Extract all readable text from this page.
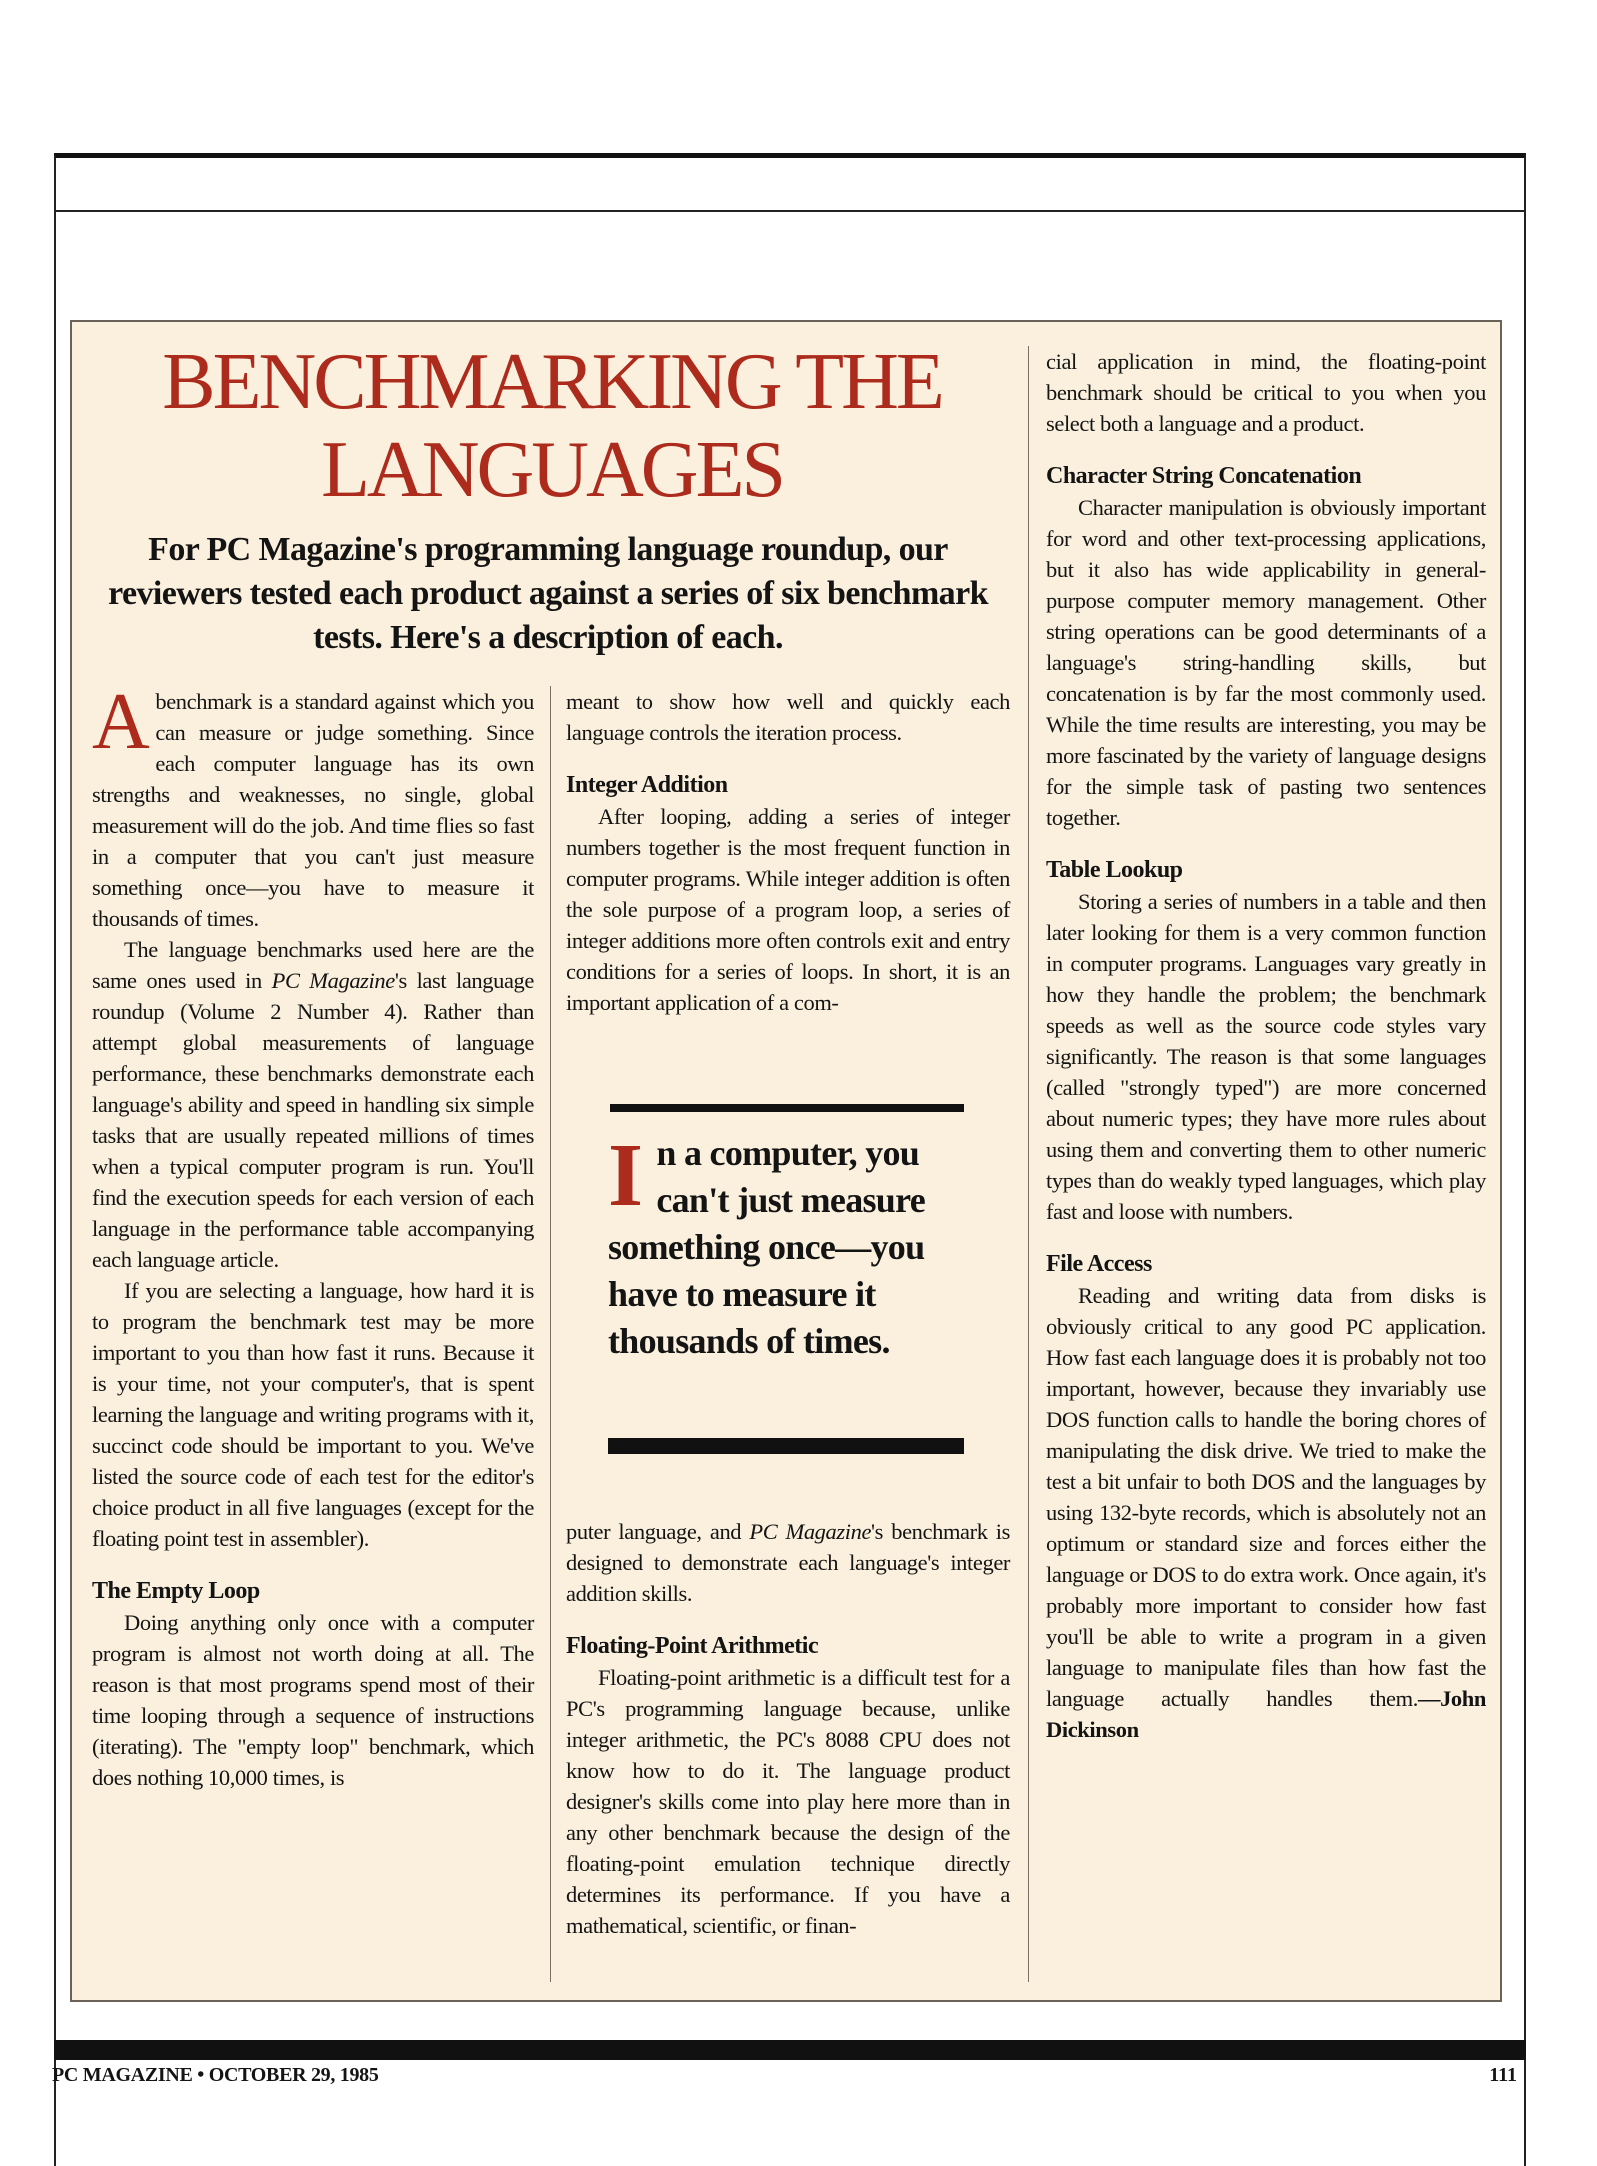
BENCHMARKING THE LANGUAGES
For PC Magazine's programming language roundup, our reviewers tested each product against a series of six benchmark tests. Here's a description of each.

A benchmark is a standard against which you can measure or judge something. Since each computer language has its own strengths and weaknesses, no single, global measurement will do the job. And time flies so fast in a computer that you can't just measure something once—you have to measure it thousands of times.

The language benchmarks used here are the same ones used in PC Magazine's last language roundup (Volume 2 Number 4). Rather than attempt global measurements of language performance, these benchmarks demonstrate each language's ability and speed in handling six simple tasks that are usually repeated millions of times when a typical computer program is run. You'll find the execution speeds for each version of each language in the performance table accompanying each language article.

If you are selecting a language, how hard it is to program the benchmark test may be more important to you than how fast it runs. Because it is your time, not your computer's, that is spent learning the language and writing programs with it, succinct code should be important to you. We've listed the source code of each test for the editor's choice product in all five languages (except for the floating point test in assembler).

The Empty Loop

Doing anything only once with a computer program is almost not worth doing at all. The reason is that most programs spend most of their time looping through a sequence of instructions (iterating). The "empty loop" benchmark, which does nothing 10,000 times, is

meant to show how well and quickly each language controls the iteration process.

Integer Addition

After looping, adding a series of integer numbers together is the most frequent function in computer programs. While integer addition is often the sole purpose of a program loop, a series of integer additions more often controls exit and entry conditions for a series of loops. In short, it is an important application of a com-

In a computer, you can't just measure something once—you have to measure it thousands of times.

puter language, and PC Magazine's benchmark is designed to demonstrate each language's integer addition skills.

Floating-Point Arithmetic

Floating-point arithmetic is a difficult test for a PC's programming language because, unlike integer arithmetic, the PC's 8088 CPU does not know how to do it. The language product designer's skills come into play here more than in any other benchmark because the design of the floating-point emulation technique directly determines its performance. If you have a mathematical, scientific, or finan-

cial application in mind, the floating-point benchmark should be critical to you when you select both a language and a product.

Character String Concatenation

Character manipulation is obviously important for word and other text-processing applications, but it also has wide applicability in general-purpose computer memory management. Other string operations can be good determinants of a language's string-handling skills, but concatenation is by far the most commonly used. While the time results are interesting, you may be more fascinated by the variety of language designs for the simple task of pasting two sentences together.

Table Lookup

Storing a series of numbers in a table and then later looking for them is a very common function in computer programs. Languages vary greatly in how they handle the problem; the benchmark speeds as well as the source code styles vary significantly. The reason is that some languages (called "strongly typed") are more concerned about numeric types; they have more rules about using them and converting them to other numeric types than do weakly typed languages, which play fast and loose with numbers.

File Access

Reading and writing data from disks is obviously critical to any good PC application. How fast each language does it is probably not too important, however, because they invariably use DOS function calls to handle the boring chores of manipulating the disk drive. We tried to make the test a bit unfair to both DOS and the languages by using 132-byte records, which is absolutely not an optimum or standard size and forces either the language or DOS to do extra work. Once again, it's probably more important to consider how fast you'll be able to write a program in a given language to manipulate files than how fast the language actually handles them.—John Dickinson

PC MAGAZINE • OCTOBER 29, 1985	111
